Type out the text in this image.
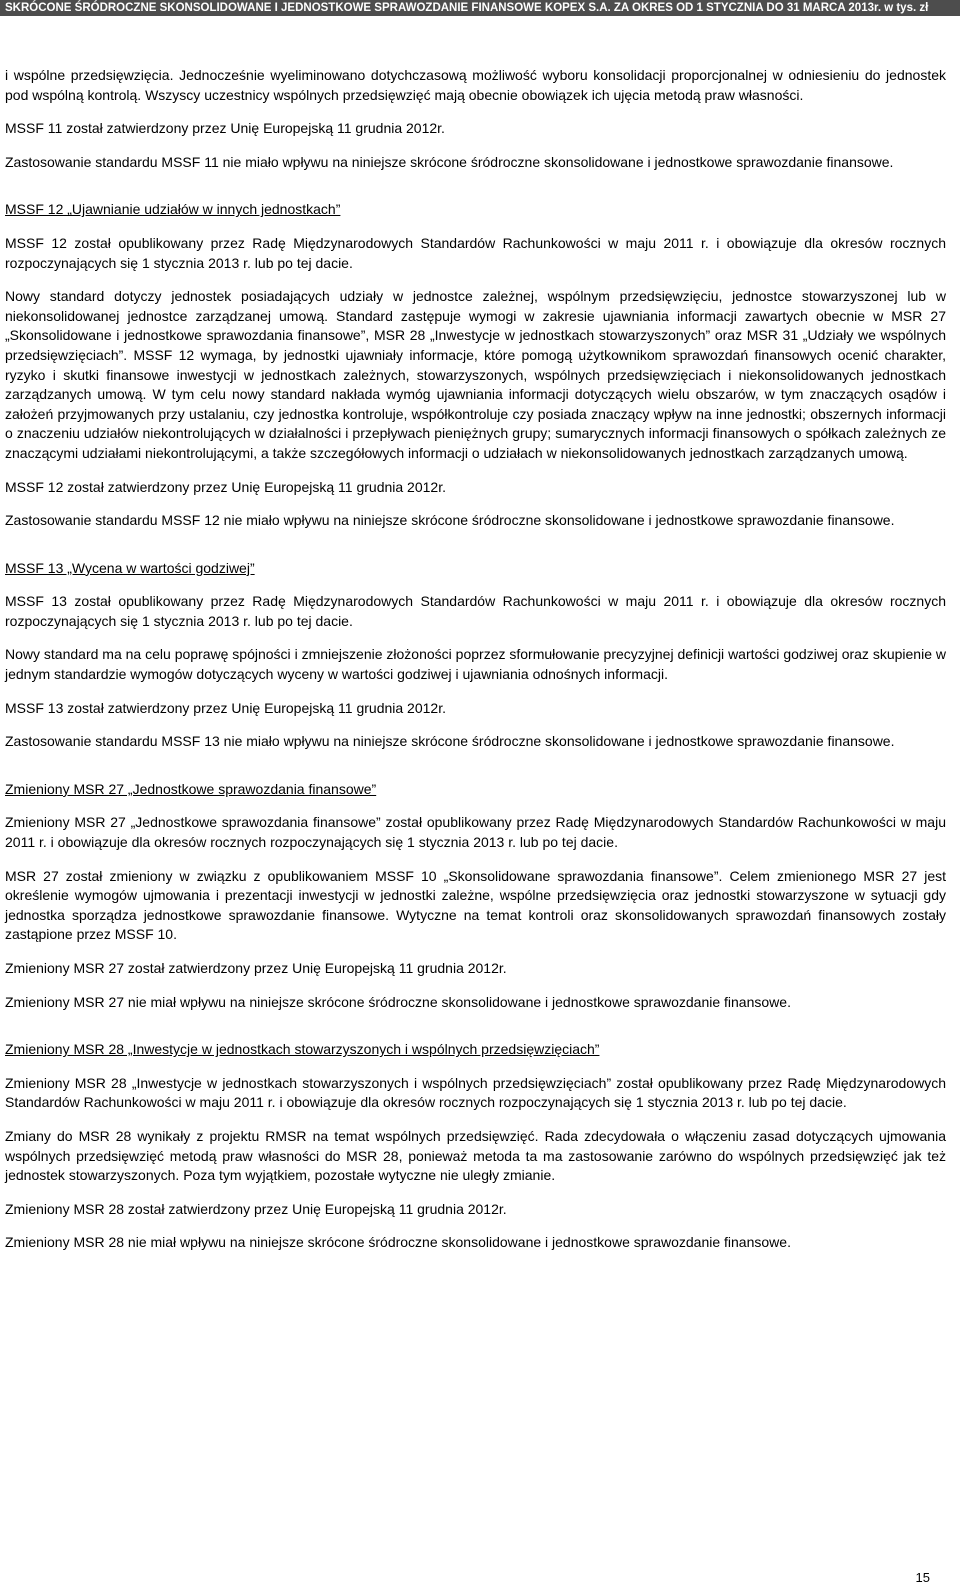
SKRÓCONE ŚRÓDROCZNE SKONSOLIDOWANE I JEDNOSTKOWE SPRAWOZDANIE FINANSOWE KOPEX S.A. ZA OKRES OD 1 STYCZNIA DO 31 MARCA 2013r. w tys. zł

i wspólne przedsięwzięcia. Jednocześnie wyeliminowano dotychczasową możliwość wyboru konsolidacji proporcjonalnej w odniesieniu do jednostek pod wspólną kontrolą. Wszyscy uczestnicy wspólnych przedsięwzięć mają obecnie obowiązek ich ujęcia metodą praw własności.

MSSF 11 został zatwierdzony przez Unię Europejską 11 grudnia 2012r.

Zastosowanie standardu MSSF 11 nie miało wpływu na niniejsze skrócone śródroczne skonsolidowane i jednostkowe sprawozdanie finansowe.

MSSF 12 „Ujawnianie udziałów w innych jednostkach”

MSSF 12 został opublikowany przez Radę Międzynarodowych Standardów Rachunkowości w maju 2011 r. i obowiązuje dla okresów rocznych rozpoczynających się 1 stycznia 2013 r. lub po tej dacie.

Nowy standard dotyczy jednostek posiadających udziały w jednostce zależnej, wspólnym przedsięwzięciu, jednostce stowarzyszonej lub w niekonsolidowanej jednostce zarządzanej umową. Standard zastępuje wymogi w zakresie ujawniania informacji zawartych obecnie w MSR 27 „Skonsolidowane i jednostkowe sprawozdania finansowe”, MSR 28 „Inwestycje w jednostkach stowarzyszonych” oraz MSR 31 „Udziały we wspólnych przedsięwzięciach”. MSSF 12 wymaga, by jednostki ujawniały informacje, które pomogą użytkownikom sprawozdań finansowych ocenić charakter, ryzyko i skutki finansowe inwestycji w jednostkach zależnych, stowarzyszonych, wspólnych przedsięwzięciach i niekonsolidowanych jednostkach zarządzanych umową. W tym celu nowy standard nakłada wymóg ujawniania informacji dotyczących wielu obszarów, w tym znaczących osądów i założeń przyjmowanych przy ustalaniu, czy jednostka kontroluje, współkontroluje czy posiada znaczący wpływ na inne jednostki; obszernych informacji o znaczeniu udziałów niekontrolujących w działalności i przepływach pieniężnych grupy; sumarycznych informacji finansowych o spółkach zależnych ze znaczącymi udziałami niekontrolującymi, a także szczegółowych informacji o udziałach w niekonsolidowanych jednostkach zarządzanych umową.

MSSF 12 został zatwierdzony przez Unię Europejską 11 grudnia 2012r.

Zastosowanie standardu MSSF 12 nie miało wpływu na niniejsze skrócone śródroczne skonsolidowane i jednostkowe sprawozdanie finansowe.

MSSF 13 „Wycena w wartości godziwej”

MSSF 13 został opublikowany przez Radę Międzynarodowych Standardów Rachunkowości w maju 2011 r. i obowiązuje dla okresów rocznych rozpoczynających się 1 stycznia 2013 r. lub po tej dacie.

Nowy standard ma na celu poprawę spójności i zmniejszenie złożoności poprzez sformułowanie precyzyjnej definicji wartości godziwej oraz skupienie w jednym standardzie wymogów dotyczących wyceny w wartości godziwej i ujawniania odnośnych informacji.

MSSF 13 został zatwierdzony przez Unię Europejską 11 grudnia 2012r.

Zastosowanie standardu MSSF 13 nie miało wpływu na niniejsze skrócone śródroczne skonsolidowane i jednostkowe sprawozdanie finansowe.

Zmieniony MSR 27 „Jednostkowe sprawozdania finansowe”

Zmieniony MSR 27 „Jednostkowe sprawozdania finansowe” został opublikowany przez Radę Międzynarodowych Standardów Rachunkowości w maju 2011 r. i obowiązuje dla okresów rocznych rozpoczynających się 1 stycznia 2013 r. lub po tej dacie.

MSR 27 został zmieniony w związku z opublikowaniem MSSF 10 „Skonsolidowane sprawozdania finansowe”. Celem zmienionego MSR 27 jest określenie wymogów ujmowania i prezentacji inwestycji w jednostki zależne, wspólne przedsięwzięcia oraz jednostki stowarzyszone w sytuacji gdy jednostka sporządza jednostkowe sprawozdanie finansowe. Wytyczne na temat kontroli oraz skonsolidowanych sprawozdań finansowych zostały zastąpione przez MSSF 10.

Zmieniony MSR 27 został zatwierdzony przez Unię Europejską 11 grudnia 2012r.

Zmieniony MSR 27 nie miał wpływu na niniejsze skrócone śródroczne skonsolidowane i jednostkowe sprawozdanie finansowe.

Zmieniony MSR 28 „Inwestycje w jednostkach stowarzyszonych i wspólnych przedsięwzięciach”

Zmieniony MSR 28 „Inwestycje w jednostkach stowarzyszonych i wspólnych przedsięwzięciach” został opublikowany przez Radę Międzynarodowych Standardów Rachunkowości w maju 2011 r. i obowiązuje dla okresów rocznych rozpoczynających się 1 stycznia 2013 r. lub po tej dacie.

Zmiany do MSR 28 wynikały z projektu RMSR na temat wspólnych przedsięwzięć. Rada zdecydowała o włączeniu zasad dotyczących ujmowania wspólnych przedsięwzięć metodą praw własności do MSR 28, ponieważ metoda ta ma zastosowanie zarówno do wspólnych przedsięwzięć jak też jednostek stowarzyszonych. Poza tym wyjątkiem, pozostałe wytyczne nie uległy zmianie.

Zmieniony MSR 28 został zatwierdzony przez Unię Europejską 11 grudnia 2012r.

Zmieniony MSR 28 nie miał wpływu na niniejsze skrócone śródroczne skonsolidowane i jednostkowe sprawozdanie finansowe.

15
